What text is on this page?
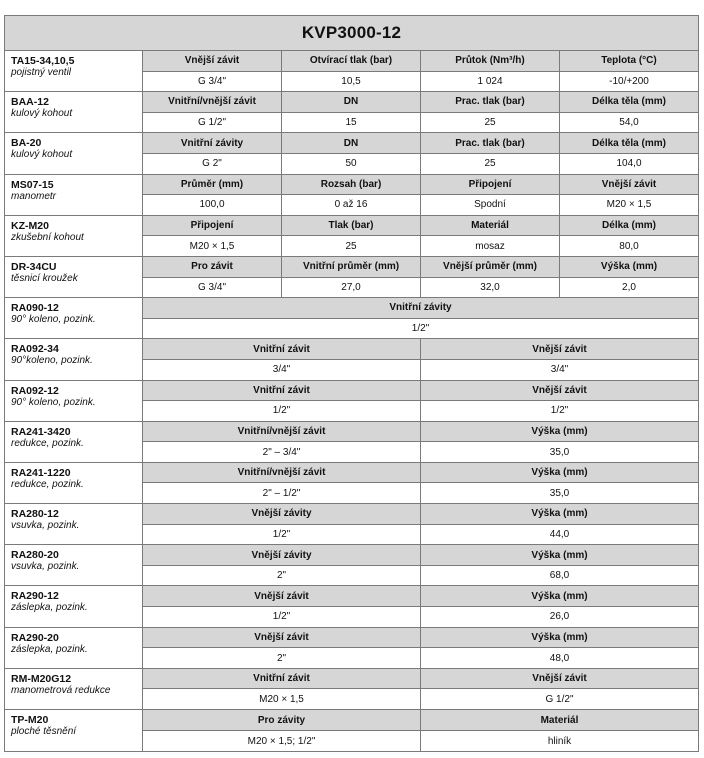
KVP3000-12
TA15-34,10,5
pojistný ventil
Vnější závit	Otvírací tlak (bar)	Průtok (Nm³/h)	Teplota (°C)
G 3/4"	10,5	1 024	-10/+200
BAA-12
kulový kohout
Vnitřní/vnější závit	DN	Prac. tlak (bar)	Délka těla (mm)
G 1/2"	15	25	54,0
BA-20
kulový kohout
Vnitřní závity	DN	Prac. tlak (bar)	Délka těla (mm)
G 2"	50	25	104,0
MS07-15
manometr
Průměr (mm)	Rozsah (bar)	Připojení	Vnější závit
100,0	0 až 16	Spodní	M20 × 1,5
KZ-M20
zkušební kohout
Připojení	Tlak (bar)	Materiál	Délka (mm)
M20 × 1,5	25	mosaz	80,0
DR-34CU
těsnicí kroužek
Pro závit	Vnitřní průměr (mm)	Vnější průměr (mm)	Výška (mm)
G 3/4"	27,0	32,0	2,0
RA090-12
90° koleno, pozink.
Vnitřní závity
1/2"
RA092-34
90°koleno, pozink.
Vnitřní závit	Vnější závit
3/4"	3/4"
RA092-12
90° koleno, pozink.
Vnitřní závit	Vnější závit
1/2"	1/2"
RA241-3420
redukce, pozink.
Vnitřní/vnější závit	Výška (mm)
2" – 3/4"	35,0
RA241-1220
redukce, pozink.
Vnitřní/vnější závit	Výška (mm)
2" – 1/2"	35,0
RA280-12
vsuvka, pozink.
Vnější závity	Výška (mm)
1/2"	44,0
RA280-20
vsuvka, pozink.
Vnější závity	Výška (mm)
2"	68,0
RA290-12
záslepka, pozink.
Vnější závit	Výška (mm)
1/2"	26,0
RA290-20
záslepka, pozink.
Vnější závit	Výška (mm)
2"	48,0
RM-M20G12
manometrová redukce
Vnitřní závit	Vnější závit
M20 × 1,5	G 1/2"
TP-M20
ploché těsnění
Pro závity	Materiál
M20 × 1,5; 1/2"	hliník
